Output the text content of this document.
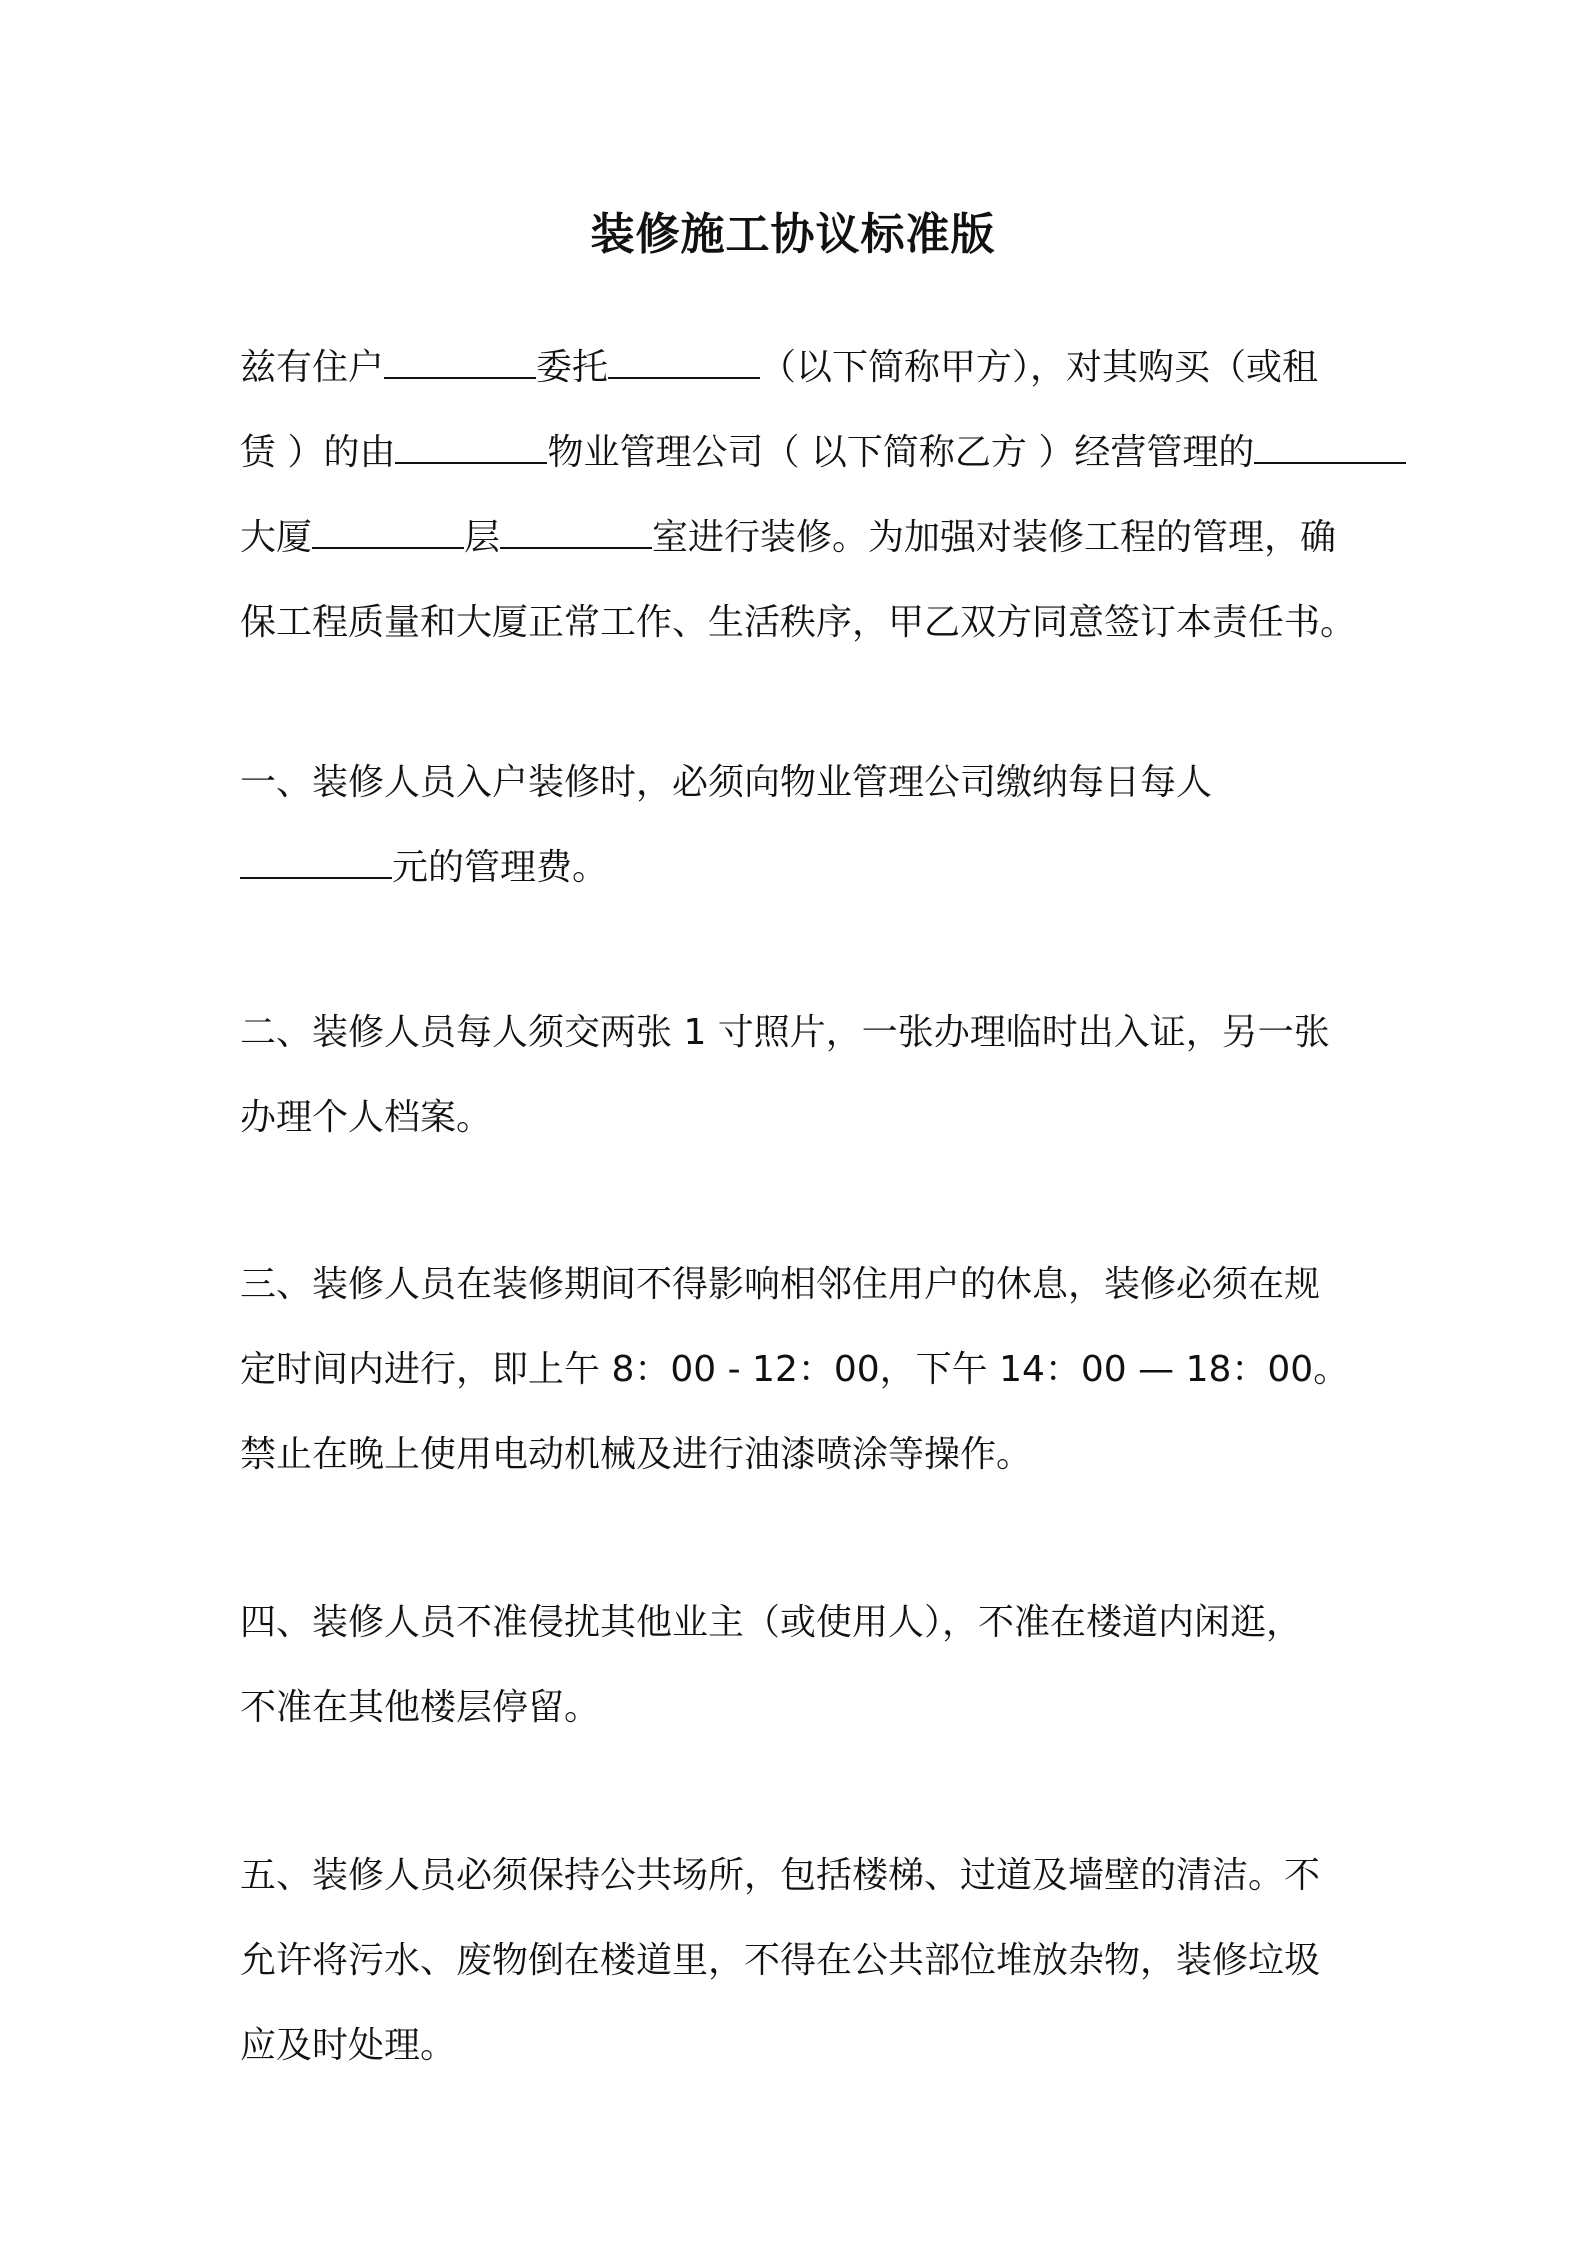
装修施工协议标准版
兹有住户	委托	（以下简称甲方），对其购买（或租
赁 ）的由	物业管理公司（ 以下简称乙方 ）经营管理的
大厦	层	室进行装修。为加强对装修工程的管理，确
保工程质量和大厦正常工作、生活秩序，甲乙双方同意签订本责任书。
一、装修人员入户装修时，必须向物业管理公司缴纳每日每人
元的管理费。
二、装修人员每人须交两张 1 寸照片，一张办理临时出入证，另一张
办理个人档案。
三、装修人员在装修期间不得影响相邻住用户的休息，装修必须在规
定时间内进行，即上午 8：00 - 12：00，下午 14：00 — 18：00。
禁止在晚上使用电动机械及进行油漆喷涂等操作。
四、装修人员不准侵扰其他业主（或使用人），不准在楼道内闲逛，
不准在其他楼层停留。
五、装修人员必须保持公共场所，包括楼梯、过道及墙壁的清洁。不
允许将污水、废物倒在楼道里，不得在公共部位堆放杂物，装修垃圾
应及时处理。
